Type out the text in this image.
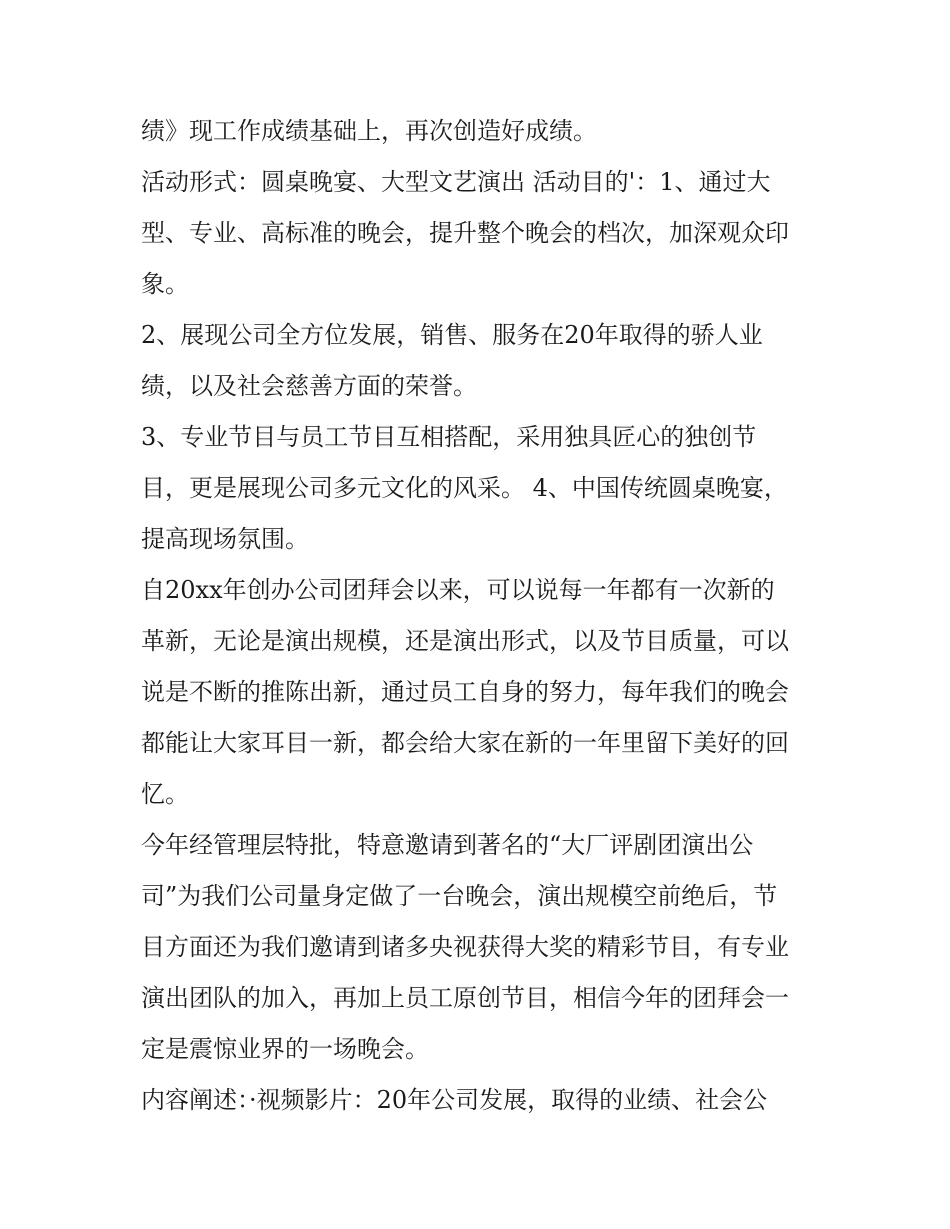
绩》现工作成绩基础上，再次创造好成绩。

活动形式：圆桌晚宴、大型文艺演出 活动目的'：1、通过大
型、专业、高标准的晚会，提升整个晚会的档次，加深观众印
象。

2、展现公司全方位发展，销售、服务在20年取得的骄人业
绩，以及社会慈善方面的荣誉。

3、专业节目与员工节目互相搭配，采用独具匠心的独创节
目，更是展现公司多元文化的风采。 4、中国传统圆桌晚宴，
提高现场氛围。

自20xx年创办公司团拜会以来，可以说每一年都有一次新的
革新，无论是演出规模，还是演出形式，以及节目质量，可以
说是不断的推陈出新，通过员工自身的努力，每年我们的晚会
都能让大家耳目一新，都会给大家在新的一年里留下美好的回
忆。

今年经管理层特批，特意邀请到著名的“大厂评剧团演出公
司”为我们公司量身定做了一台晚会，演出规模空前绝后，节
目方面还为我们邀请到诸多央视获得大奖的精彩节目，有专业
演出团队的加入，再加上员工原创节目，相信今年的团拜会一
定是震惊业界的一场晚会。

内容阐述：·视频影片：20年公司发展，取得的业绩、社会公
